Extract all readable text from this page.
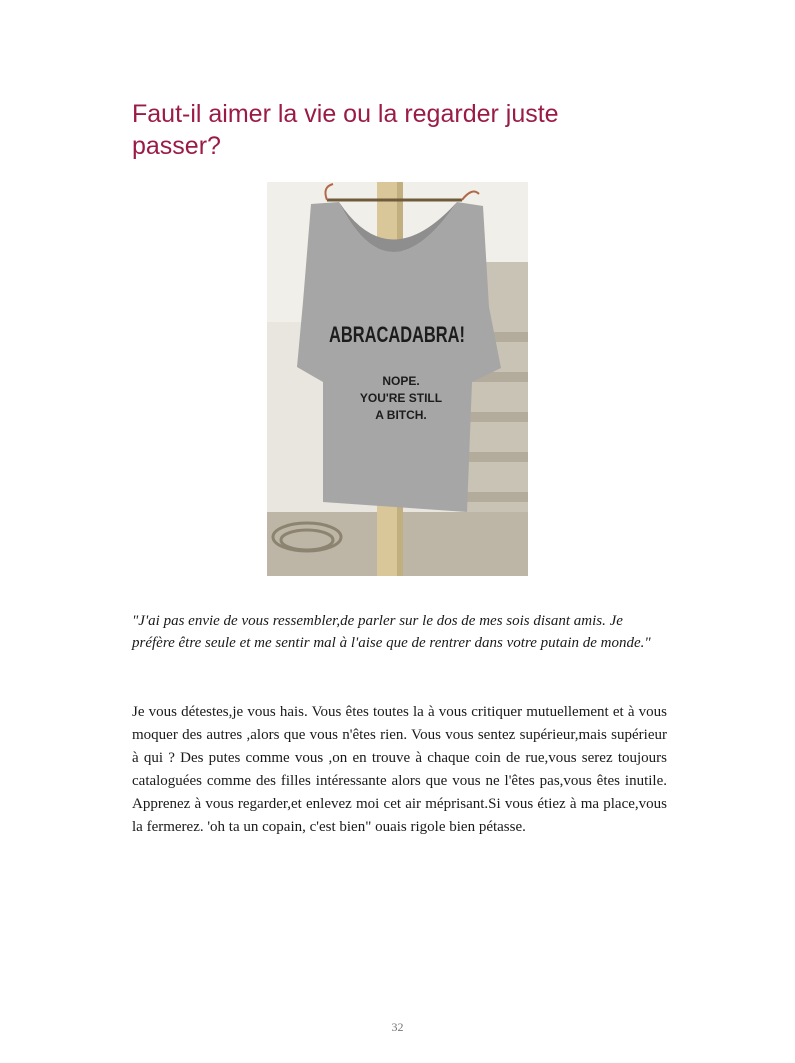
Faut-il aimer la vie ou la regarder juste passer?
ABRACADABRA!
NOPE.
YOU'RE STILL
A BITCH.

"J'ai pas envie de vous ressembler,de parler sur le dos de mes sois disant amis. Je préfère être seule et me sentir mal à l'aise que de rentrer dans votre putain de monde."

Je vous détestes,je vous hais. Vous êtes toutes la à vous critiquer mutuellement et à vous moquer des autres ,alors que vous n'êtes rien. Vous vous sentez supérieur,mais supérieur à qui ? Des putes comme vous ,on en trouve à chaque coin de rue,vous serez toujours cataloguées comme des filles intéressante alors que vous ne l'êtes pas,vous êtes inutile. Apprenez à vous regarder,et enlevez moi cet air méprisant.Si vous étiez à ma place,vous la fermerez. 'oh ta un copain, c'est bien" ouais rigole bien pétasse.

32
